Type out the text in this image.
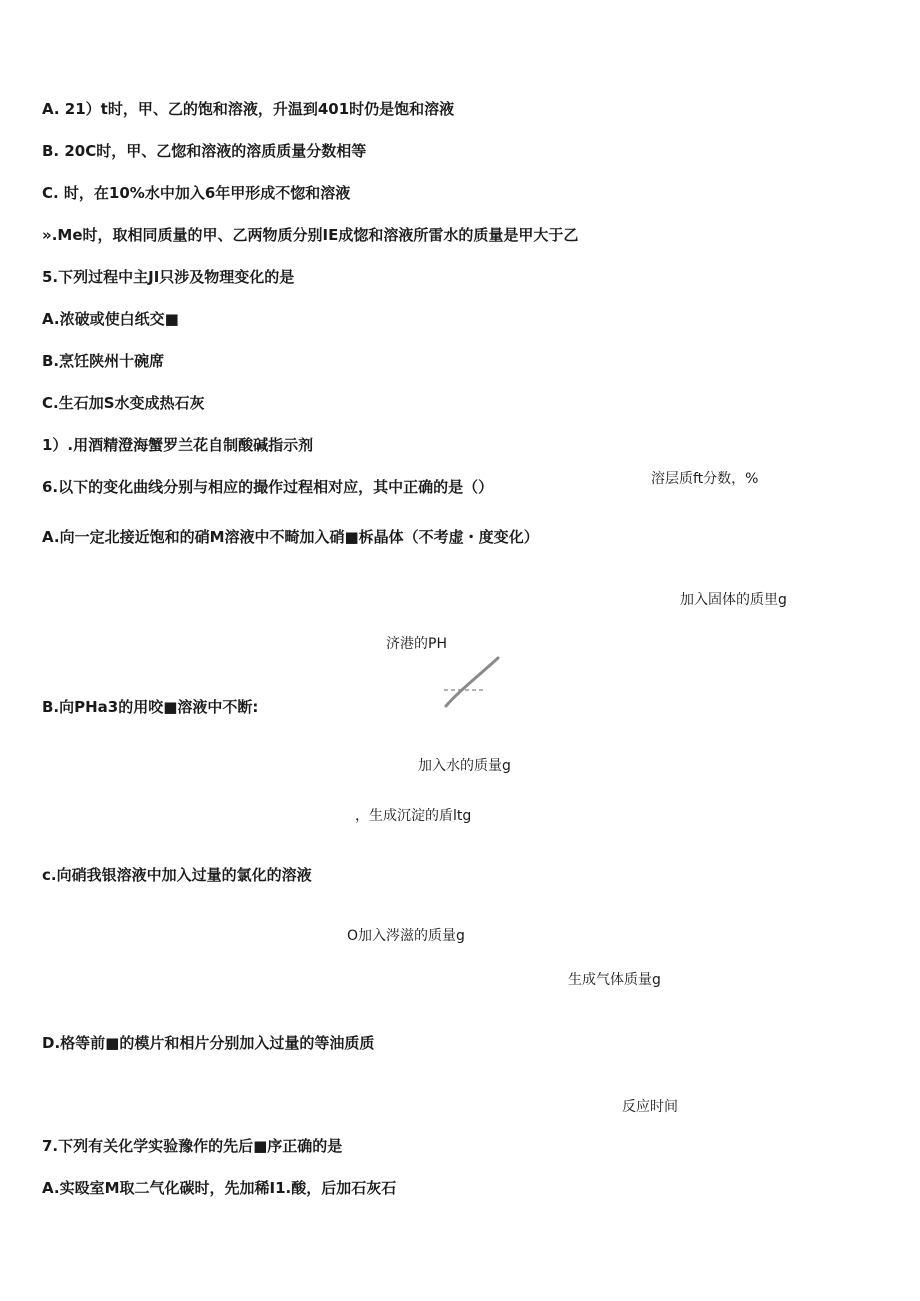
A. 21）t时，甲、乙的饱和溶液，升温到401时仍是饱和溶液
B. 20C时，甲、乙惚和溶液的溶质质量分数相等
C. 时，在10%水中加入6年甲形成不惚和溶液
».Me时，取相同质量的甲、乙两物质分别IE成惚和溶液所雷水的质量是甲大于乙
5.下列过程中主JI只涉及物理变化的是
A.浓破或使白纸交■
B.烹饪陕州十碗席
C.生石加S水变成热石灰
1）.用酒精澄海蟹罗兰花自制酸碱指示剂
6.以下的变化曲线分别与相应的撮作过程相对应，其中正确的是（）	溶层质ft分数，%
A.向一定北接近饱和的硝M溶液中不畸加入硝■柝晶体（不考虚・度变化）
加入固体的质里g
济港的PH
B.向PHa3的用咬■溶液中不断:
加入水的质量g
，生成沉淀的盾ltg
c.向硝我银溶液中加入过量的氯化的溶液
O加入涔滋的质量g
生成气体质量g
D.格等前■的模片和相片分别加入过量的等油质质
反应时间
7.下列有关化学实验豫作的先后■序正确的是
A.实殴室M取二气化碳时，先加稀I1.酸，后加石灰石
